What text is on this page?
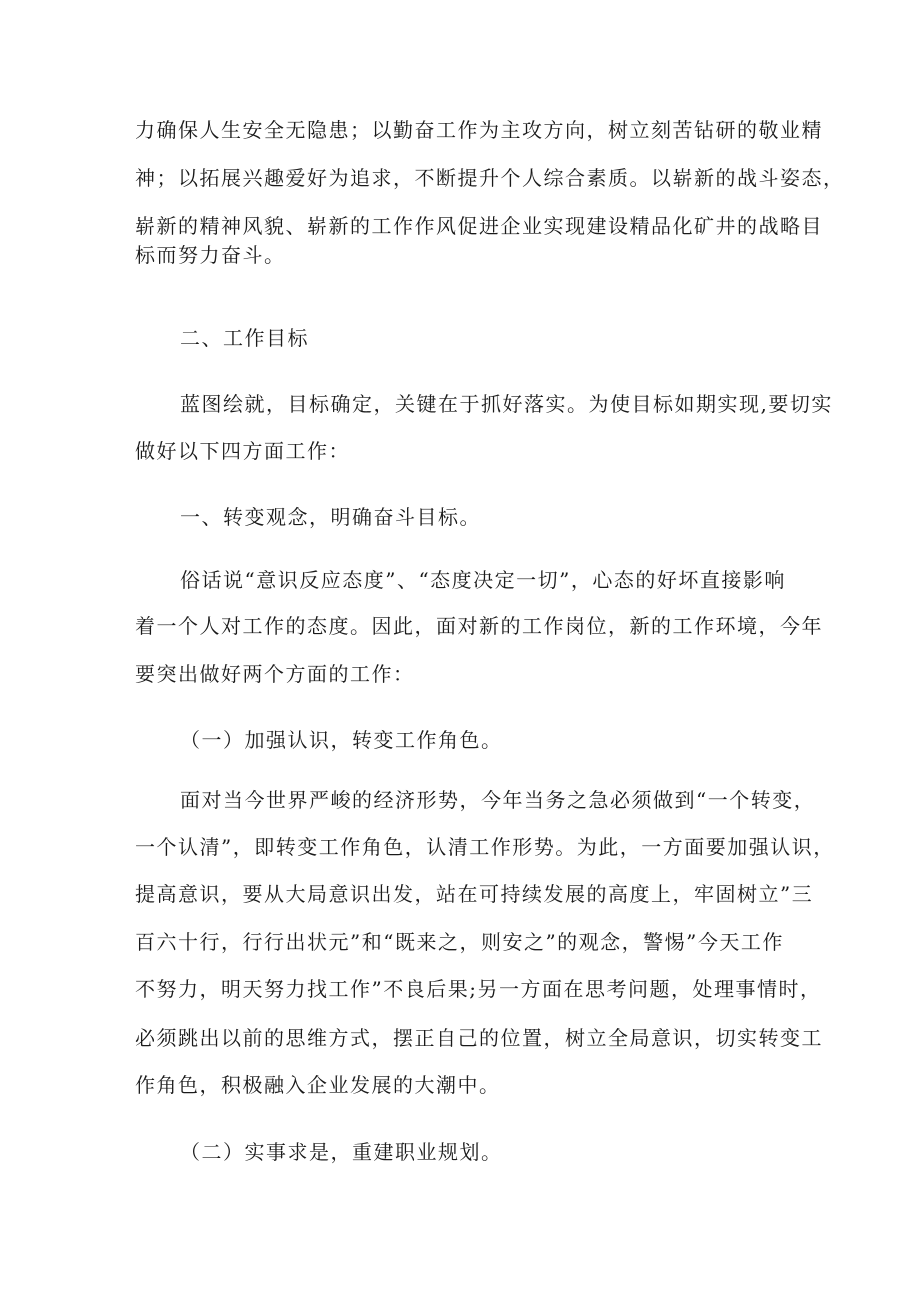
力确保人生安全无隐患；以勤奋工作为主攻方向，树立刻苦钻研的敬业精
神；以拓展兴趣爱好为追求，不断提升个人综合素质。以崭新的战斗姿态，
崭新的精神风貌、崭新的工作作风促进企业实现建设精品化矿井的战略目
标而努力奋斗。
二、工作目标
蓝图绘就，目标确定，关键在于抓好落实。为使目标如期实现,要切实
做好以下四方面工作：
一、转变观念，明确奋斗目标。
俗话说“意识反应态度”、“态度决定一切”，心态的好坏直接影响
着一个人对工作的态度。因此，面对新的工作岗位，新的工作环境，今年
要突出做好两个方面的工作：
（一）加强认识，转变工作角色。
面对当今世界严峻的经济形势，今年当务之急必须做到“一个转变，
一个认清”，即转变工作角色，认清工作形势。为此，一方面要加强认识，
提高意识，要从大局意识出发，站在可持续发展的高度上，牢固树立”三
百六十行，行行出状元”和“既来之，则安之”的观念，警惕”今天工作
不努力，明天努力找工作”不良后果;另一方面在思考问题，处理事情时，
必须跳出以前的思维方式，摆正自己的位置，树立全局意识，切实转变工
作角色，积极融入企业发展的大潮中。
（二）实事求是，重建职业规划。
